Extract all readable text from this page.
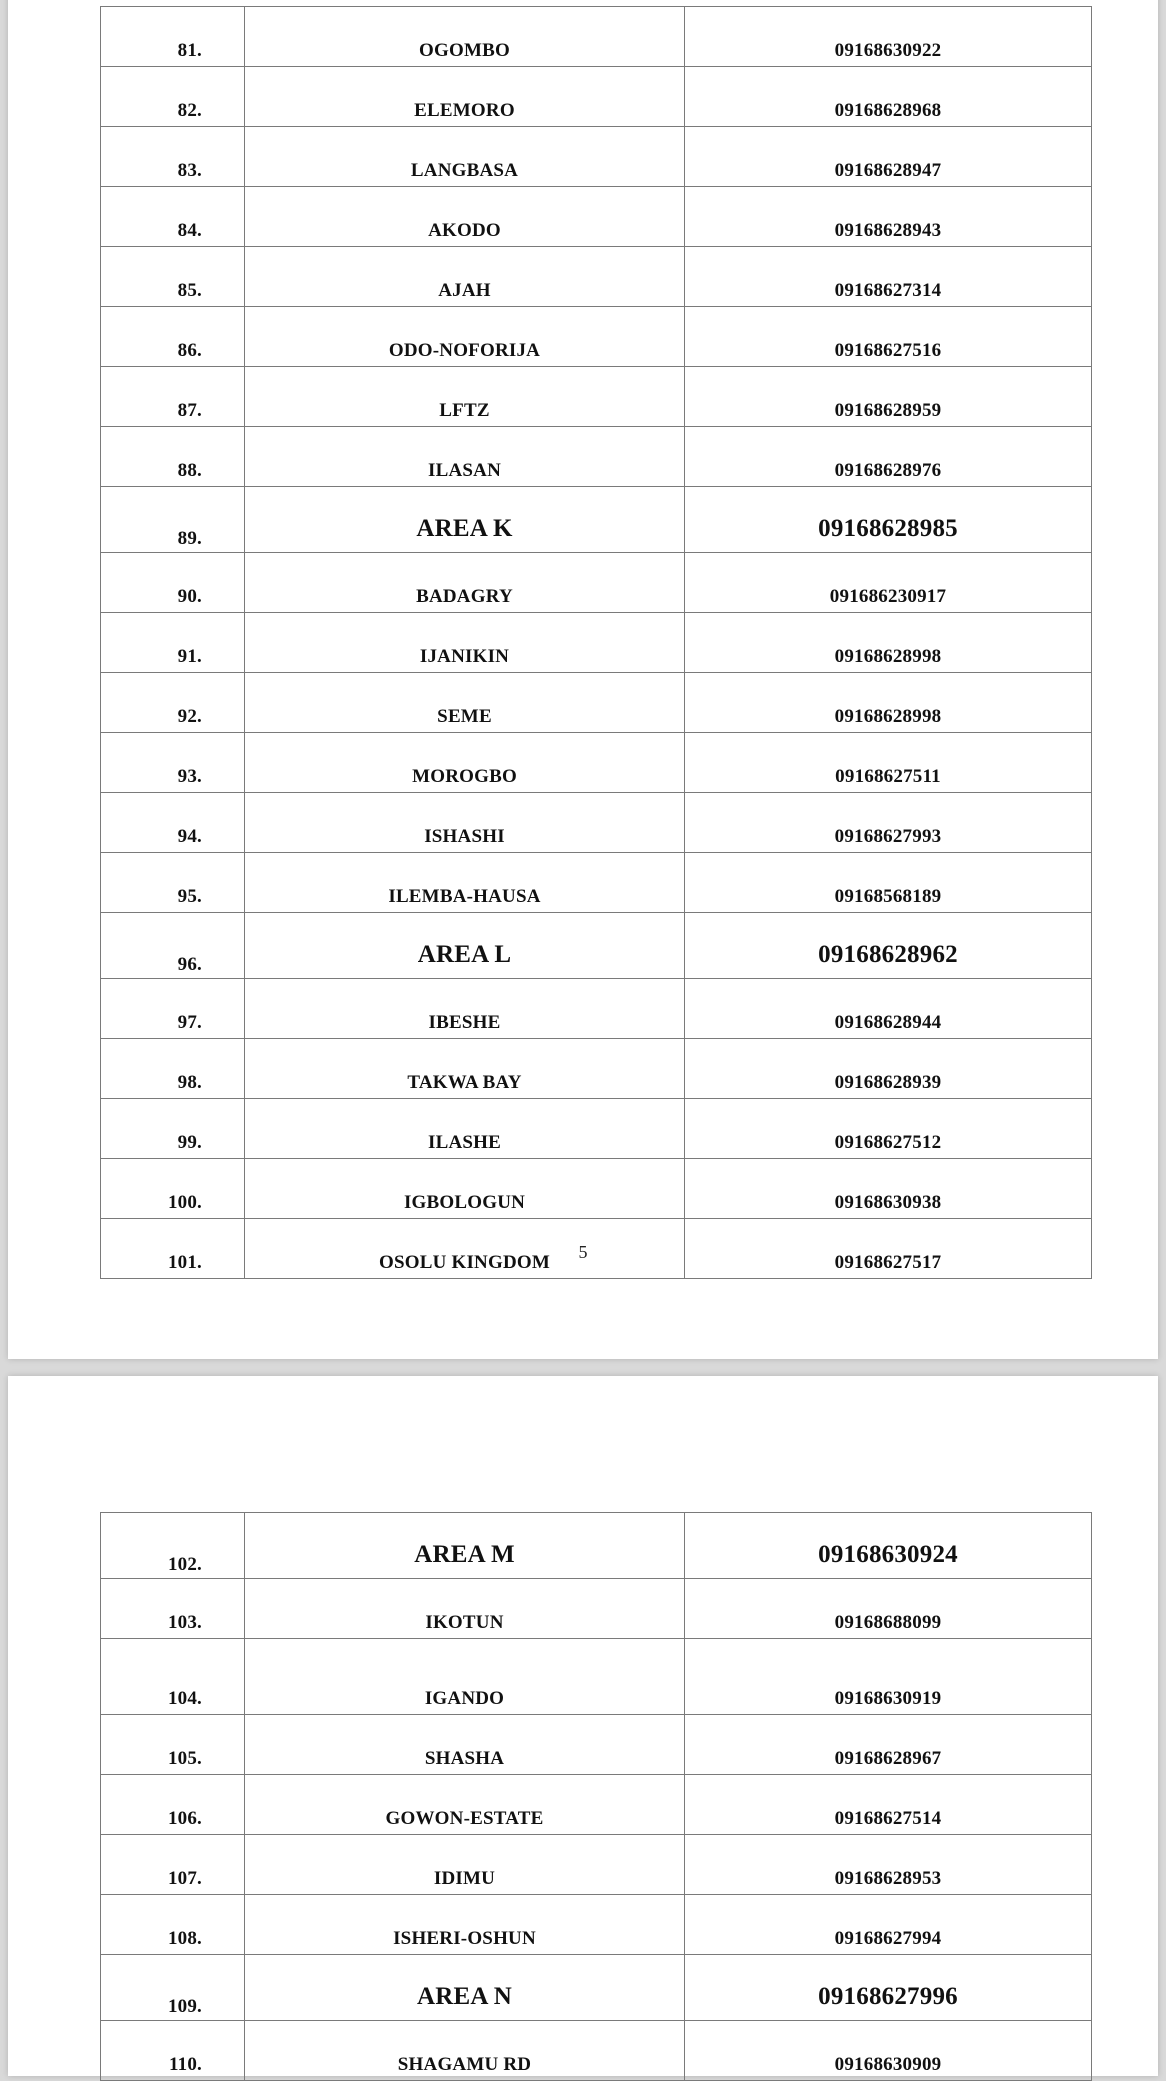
81.	OGOMBO	09168630922
82.	ELEMORO	09168628968
83.	LANGBASA	09168628947
84.	AKODO	09168628943
85.	AJAH	09168627314
86.	ODO-NOFORIJA	09168627516
87.	LFTZ	09168628959
88.	ILASAN	09168628976
89.	AREA K	09168628985
90.	BADAGRY	091686230917
91.	IJANIKIN	09168628998
92.	SEME	09168628998
93.	MOROGBO	09168627511
94.	ISHASHI	09168627993
95.	ILEMBA-HAUSA	09168568189
96.	AREA L	09168628962
97.	IBESHE	09168628944
98.	TAKWA BAY	09168628939
99.	ILASHE	09168627512
100.	IGBOLOGUN	09168630938
101.	OSOLU KINGDOM	09168627517
5
102.	AREA M	09168630924
103.	IKOTUN	09168688099
104.	IGANDO	09168630919
105.	SHASHA	09168628967
106.	GOWON-ESTATE	09168627514
107.	IDIMU	09168628953
108.	ISHERI-OSHUN	09168627994
109.	AREA N	09168627996
110.	SHAGAMU RD	09168630909
